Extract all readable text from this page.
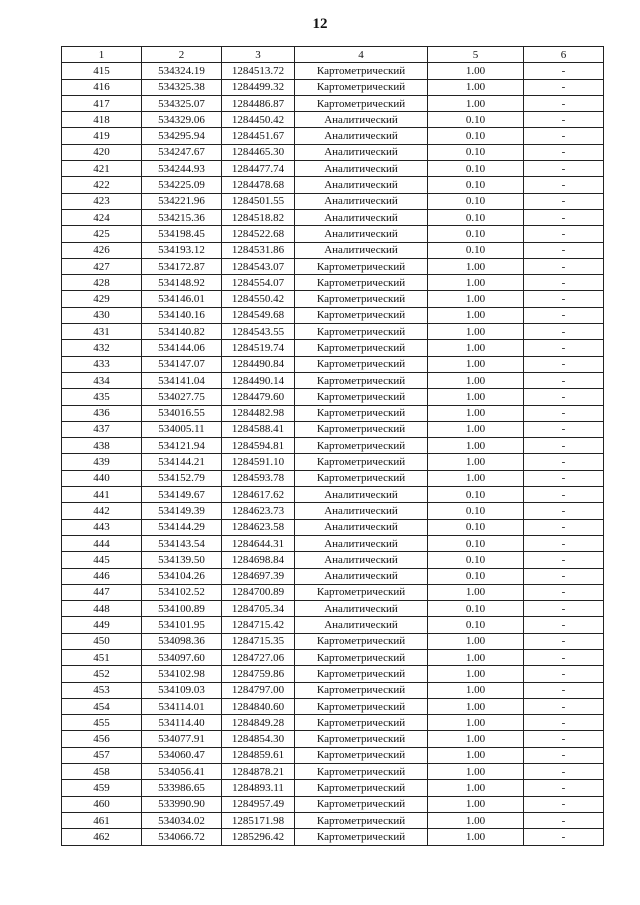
12
1	2	3	4	5	6
415	534324.19	1284513.72	Картометрический	1.00	-
416	534325.38	1284499.32	Картометрический	1.00	-
417	534325.07	1284486.87	Картометрический	1.00	-
418	534329.06	1284450.42	Аналитический	0.10	-
419	534295.94	1284451.67	Аналитический	0.10	-
420	534247.67	1284465.30	Аналитический	0.10	-
421	534244.93	1284477.74	Аналитический	0.10	-
422	534225.09	1284478.68	Аналитический	0.10	-
423	534221.96	1284501.55	Аналитический	0.10	-
424	534215.36	1284518.82	Аналитический	0.10	-
425	534198.45	1284522.68	Аналитический	0.10	-
426	534193.12	1284531.86	Аналитический	0.10	-
427	534172.87	1284543.07	Картометрический	1.00	-
428	534148.92	1284554.07	Картометрический	1.00	-
429	534146.01	1284550.42	Картометрический	1.00	-
430	534140.16	1284549.68	Картометрический	1.00	-
431	534140.82	1284543.55	Картометрический	1.00	-
432	534144.06	1284519.74	Картометрический	1.00	-
433	534147.07	1284490.84	Картометрический	1.00	-
434	534141.04	1284490.14	Картометрический	1.00	-
435	534027.75	1284479.60	Картометрический	1.00	-
436	534016.55	1284482.98	Картометрический	1.00	-
437	534005.11	1284588.41	Картометрический	1.00	-
438	534121.94	1284594.81	Картометрический	1.00	-
439	534144.21	1284591.10	Картометрический	1.00	-
440	534152.79	1284593.78	Картометрический	1.00	-
441	534149.67	1284617.62	Аналитический	0.10	-
442	534149.39	1284623.73	Аналитический	0.10	-
443	534144.29	1284623.58	Аналитический	0.10	-
444	534143.54	1284644.31	Аналитический	0.10	-
445	534139.50	1284698.84	Аналитический	0.10	-
446	534104.26	1284697.39	Аналитический	0.10	-
447	534102.52	1284700.89	Картометрический	1.00	-
448	534100.89	1284705.34	Аналитический	0.10	-
449	534101.95	1284715.42	Аналитический	0.10	-
450	534098.36	1284715.35	Картометрический	1.00	-
451	534097.60	1284727.06	Картометрический	1.00	-
452	534102.98	1284759.86	Картометрический	1.00	-
453	534109.03	1284797.00	Картометрический	1.00	-
454	534114.01	1284840.60	Картометрический	1.00	-
455	534114.40	1284849.28	Картометрический	1.00	-
456	534077.91	1284854.30	Картометрический	1.00	-
457	534060.47	1284859.61	Картометрический	1.00	-
458	534056.41	1284878.21	Картометрический	1.00	-
459	533986.65	1284893.11	Картометрический	1.00	-
460	533990.90	1284957.49	Картометрический	1.00	-
461	534034.02	1285171.98	Картометрический	1.00	-
462	534066.72	1285296.42	Картометрический	1.00	-
